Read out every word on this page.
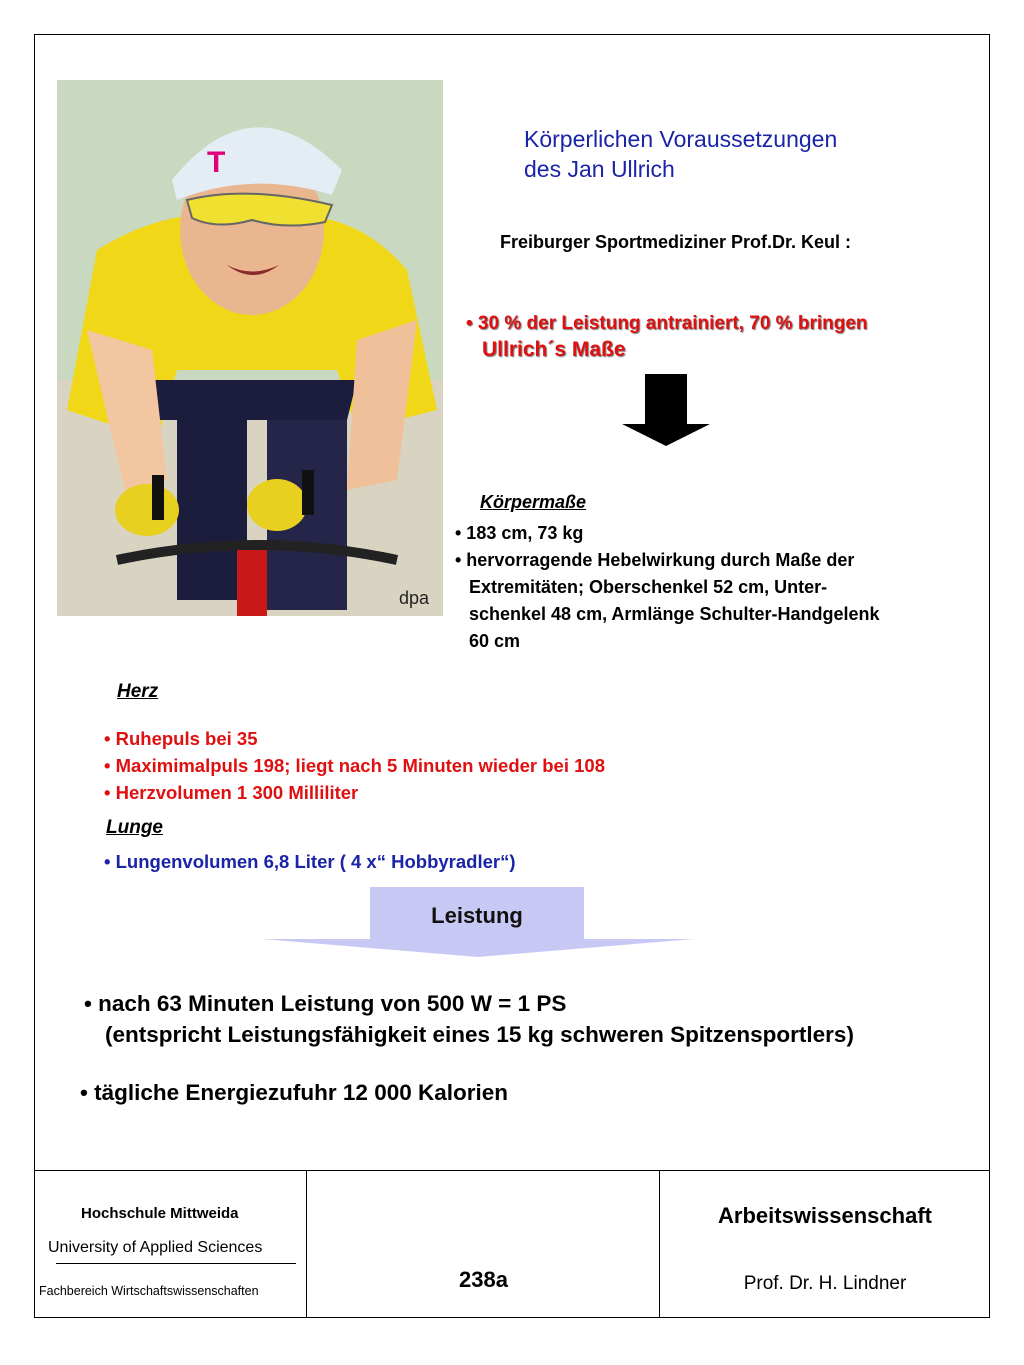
T
dpa
Körperlichen Voraussetzungen
des Jan Ullrich
Freiburger Sportmediziner Prof.Dr. Keul :
• 30 % der Leistung antrainiert, 70 % bringen
Ullrich´s Maße
Körpermaße
• 183 cm, 73 kg
• hervorragende Hebelwirkung durch Maße der

Extremitäten; Oberschenkel 52 cm, Unter-
schenkel 48 cm, Armlänge Schulter-Handgelenk
60 cm
Herz
• Ruhepuls bei 35
• Maximimalpuls 198; liegt nach 5 Minuten wieder bei 108
• Herzvolumen 1 300 Milliliter
Lunge
• Lungenvolumen 6,8 Liter ( 4 x“ Hobbyradler“)
Leistung
• nach 63 Minuten Leistung von 500 W = 1 PS
(entspricht Leistungsfähigkeit eines 15 kg schweren Spitzensportlers)
• tägliche Energiezufuhr 12 000 Kalorien
Hochschule Mittweida
University of Applied Sciences
Fachbereich Wirtschaftswissenschaften	238a
Arbeitswissenschaft
Prof. Dr. H. Lindner
